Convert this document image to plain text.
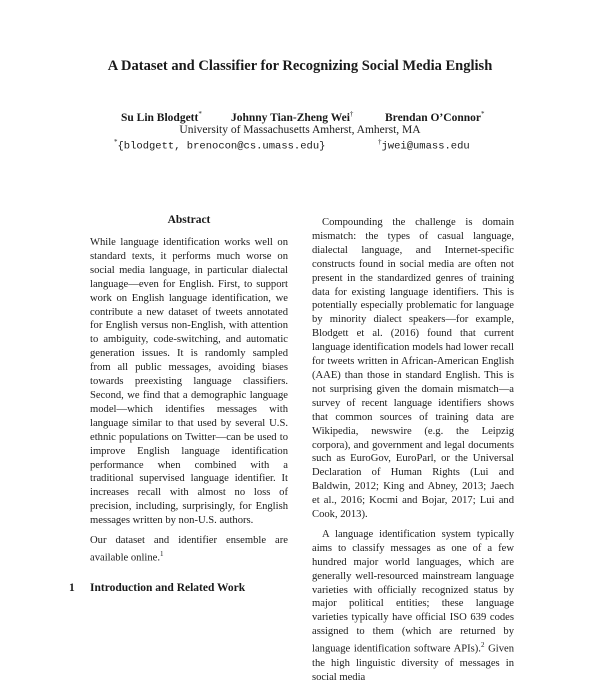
A Dataset and Classifier for Recognizing Social Media English
Su Lin Blodgett*	Johnny Tian-Zheng Wei†	Brendan O’Connor*
University of Massachusetts Amherst, Amherst, MA
*{blodgett, brenocon@cs.umass.edu}	†jwei@umass.edu
Abstract

While language identification works well on standard texts, it performs much worse on social media language, in particular dialectal language—even for English. First, to support work on English language identification, we contribute a new dataset of tweets annotated for English versus non-English, with attention to ambiguity, code-switching, and automatic generation issues. It is randomly sampled from all public messages, avoiding biases towards preexisting language classifiers. Second, we find that a demographic language model—which identifies messages with language similar to that used by several U.S. ethnic populations on Twitter—can be used to improve English language identification performance when combined with a traditional supervised language identifier. It increases recall with almost no loss of precision, including, surprisingly, for English messages written by non-U.S. authors.

Our dataset and identifier ensemble are available online.$^1$

1 Introduction and Related Work

Compounding the challenge is domain mismatch: the types of casual language, dialectal language, and Internet-specific constructs found in social media are often not present in the standardized genres of training data for existing language identifiers. This is potentially especially problematic for language by minority dialect speakers—for example, Blodgett et al. (2016) found that current language identification models had lower recall for tweets written in African-American English (AAE) than those in standard English. This is not surprising given the domain mismatch—a survey of recent language identifiers shows that common sources of training data are Wikipedia, newswire (e.g. the Leipzig corpora), and government and legal documents such as EuroGov, EuroParl, or the Universal Declaration of Human Rights (Lui and Baldwin, 2012; King and Abney, 2013; Jaech et al., 2016; Kocmi and Bojar, 2017; Lui and Cook, 2013).

A language identification system typically aims to classify messages as one of a few hundred major world languages, which are generally well-resourced mainstream language varieties with officially recognized status by major political entities; these language varieties typically have official ISO 639 codes assigned to them (which are returned by language identification software APIs).$^2$ Given the high linguistic diversity of messages in social media
